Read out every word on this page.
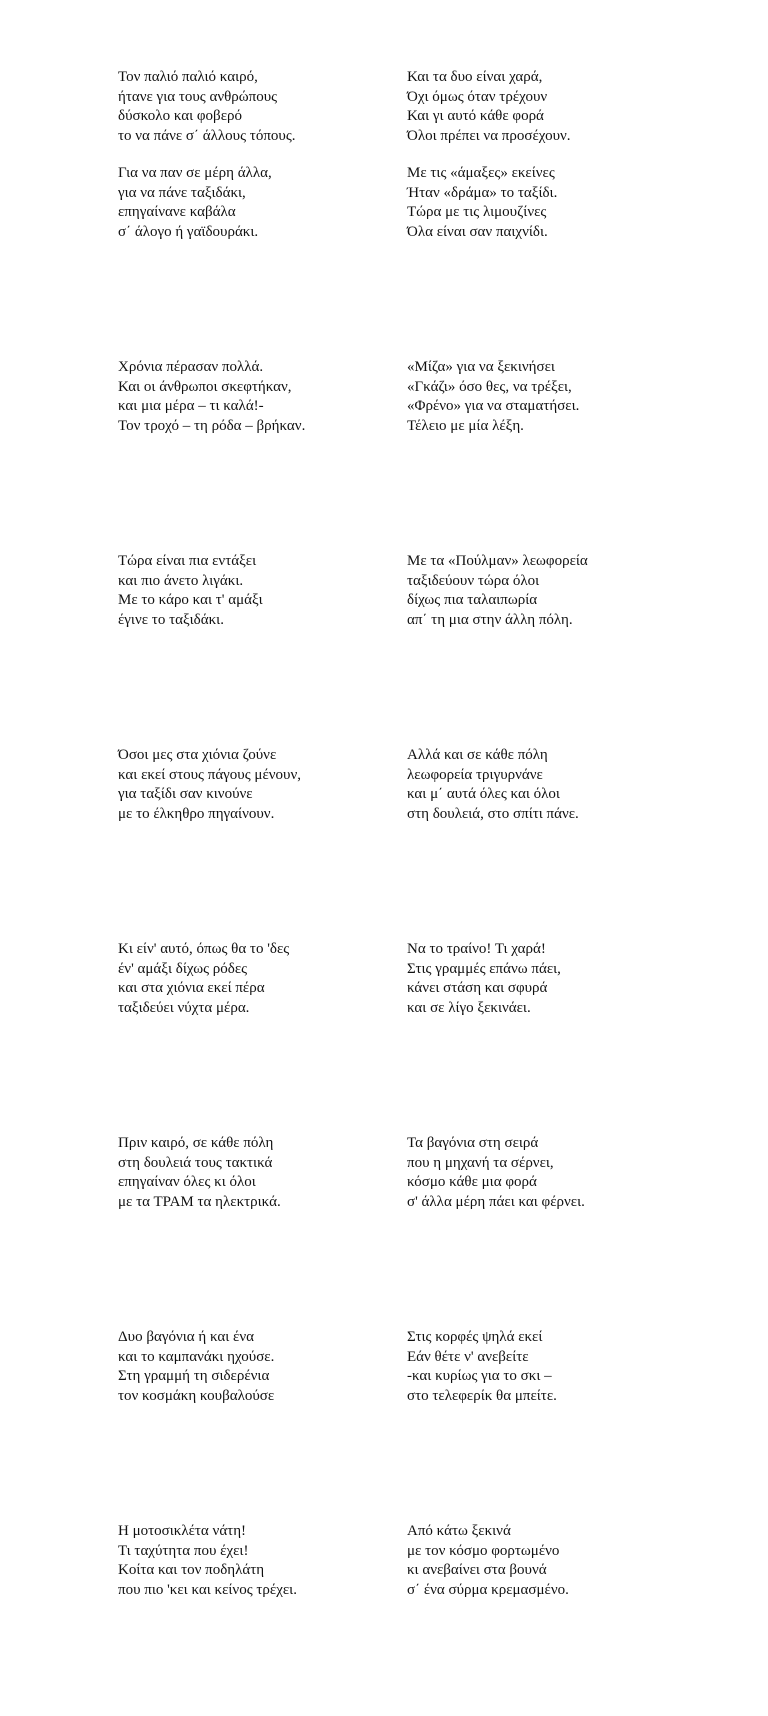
Τον παλιό παλιό καιρό,
ήτανε για τους ανθρώπους
δύσκολο και φοβερό
το να πάνε σ΄ άλλους τόπους.
Για να παν σε μέρη άλλα,
για να πάνε ταξιδάκι,
επηγαίνανε καβάλα
σ΄ άλογο ή γαϊδουράκι.
Χρόνια πέρασαν πολλά.
Και οι άνθρωποι σκεφτήκαν,
και μια μέρα – τι καλά!-
Τον τροχό – τη ρόδα – βρήκαν.
Τώρα είναι πια εντάξει
και πιο άνετο λιγάκι.
Με το κάρο και τ' αμάξι
έγινε το ταξιδάκι.
Όσοι μες στα χιόνια ζούνε
και εκεί στους πάγους μένουν,
για ταξίδι σαν κινούνε
με το έλκηθρο πηγαίνουν.
Κι είν' αυτό, όπως θα το 'δες
έν' αμάξι δίχως ρόδες
και στα χιόνια εκεί πέρα
ταξιδεύει νύχτα μέρα.
Πριν καιρό, σε κάθε πόλη
στη δουλειά τους τακτικά
επηγαίναν όλες κι όλοι
με τα ΤΡΑΜ τα ηλεκτρικά.
Δυο βαγόνια ή και ένα
και το καμπανάκι ηχούσε.
Στη γραμμή τη σιδερένια
τον κοσμάκη κουβαλούσε
Η μοτοσικλέτα νάτη!
Τι ταχύτητα που έχει!
Κοίτα και τον ποδηλάτη
που πιο 'κει και κείνος τρέχει.
Και τα δυο είναι χαρά,
Όχι όμως όταν τρέχουν
Και γι αυτό κάθε φορά
Όλοι πρέπει να προσέχουν.
Με τις «άμαξες» εκείνες
Ήταν «δράμα» το ταξίδι.
Τώρα με τις λιμουζίνες
Όλα είναι σαν παιχνίδι.
«Μίζα» για να ξεκινήσει
«Γκάζι» όσο θες, να τρέξει,
«Φρένο» για να σταματήσει.
Τέλειο με μία λέξη.
Με τα «Πούλμαν» λεωφορεία
ταξιδεύουν τώρα όλοι
δίχως πια ταλαιπωρία
απ΄ τη μια στην άλλη πόλη.
Αλλά και σε κάθε πόλη
λεωφορεία τριγυρνάνε
και μ΄ αυτά όλες και όλοι
στη δουλειά, στο σπίτι πάνε.
Να το τραίνο! Τι χαρά!
Στις γραμμές επάνω πάει,
κάνει στάση και σφυρά
και σε λίγο ξεκινάει.
Τα βαγόνια στη σειρά
που η μηχανή τα σέρνει,
κόσμο κάθε μια φορά
σ' άλλα μέρη πάει και φέρνει.
Στις κορφές ψηλά εκεί
Εάν θέτε ν' ανεβείτε
-και κυρίως για το σκι –
στο τελεφερίκ θα μπείτε.
Από κάτω ξεκινά
με τον κόσμο φορτωμένο
κι ανεβαίνει στα βουνά
σ΄ ένα σύρμα κρεμασμένο.
